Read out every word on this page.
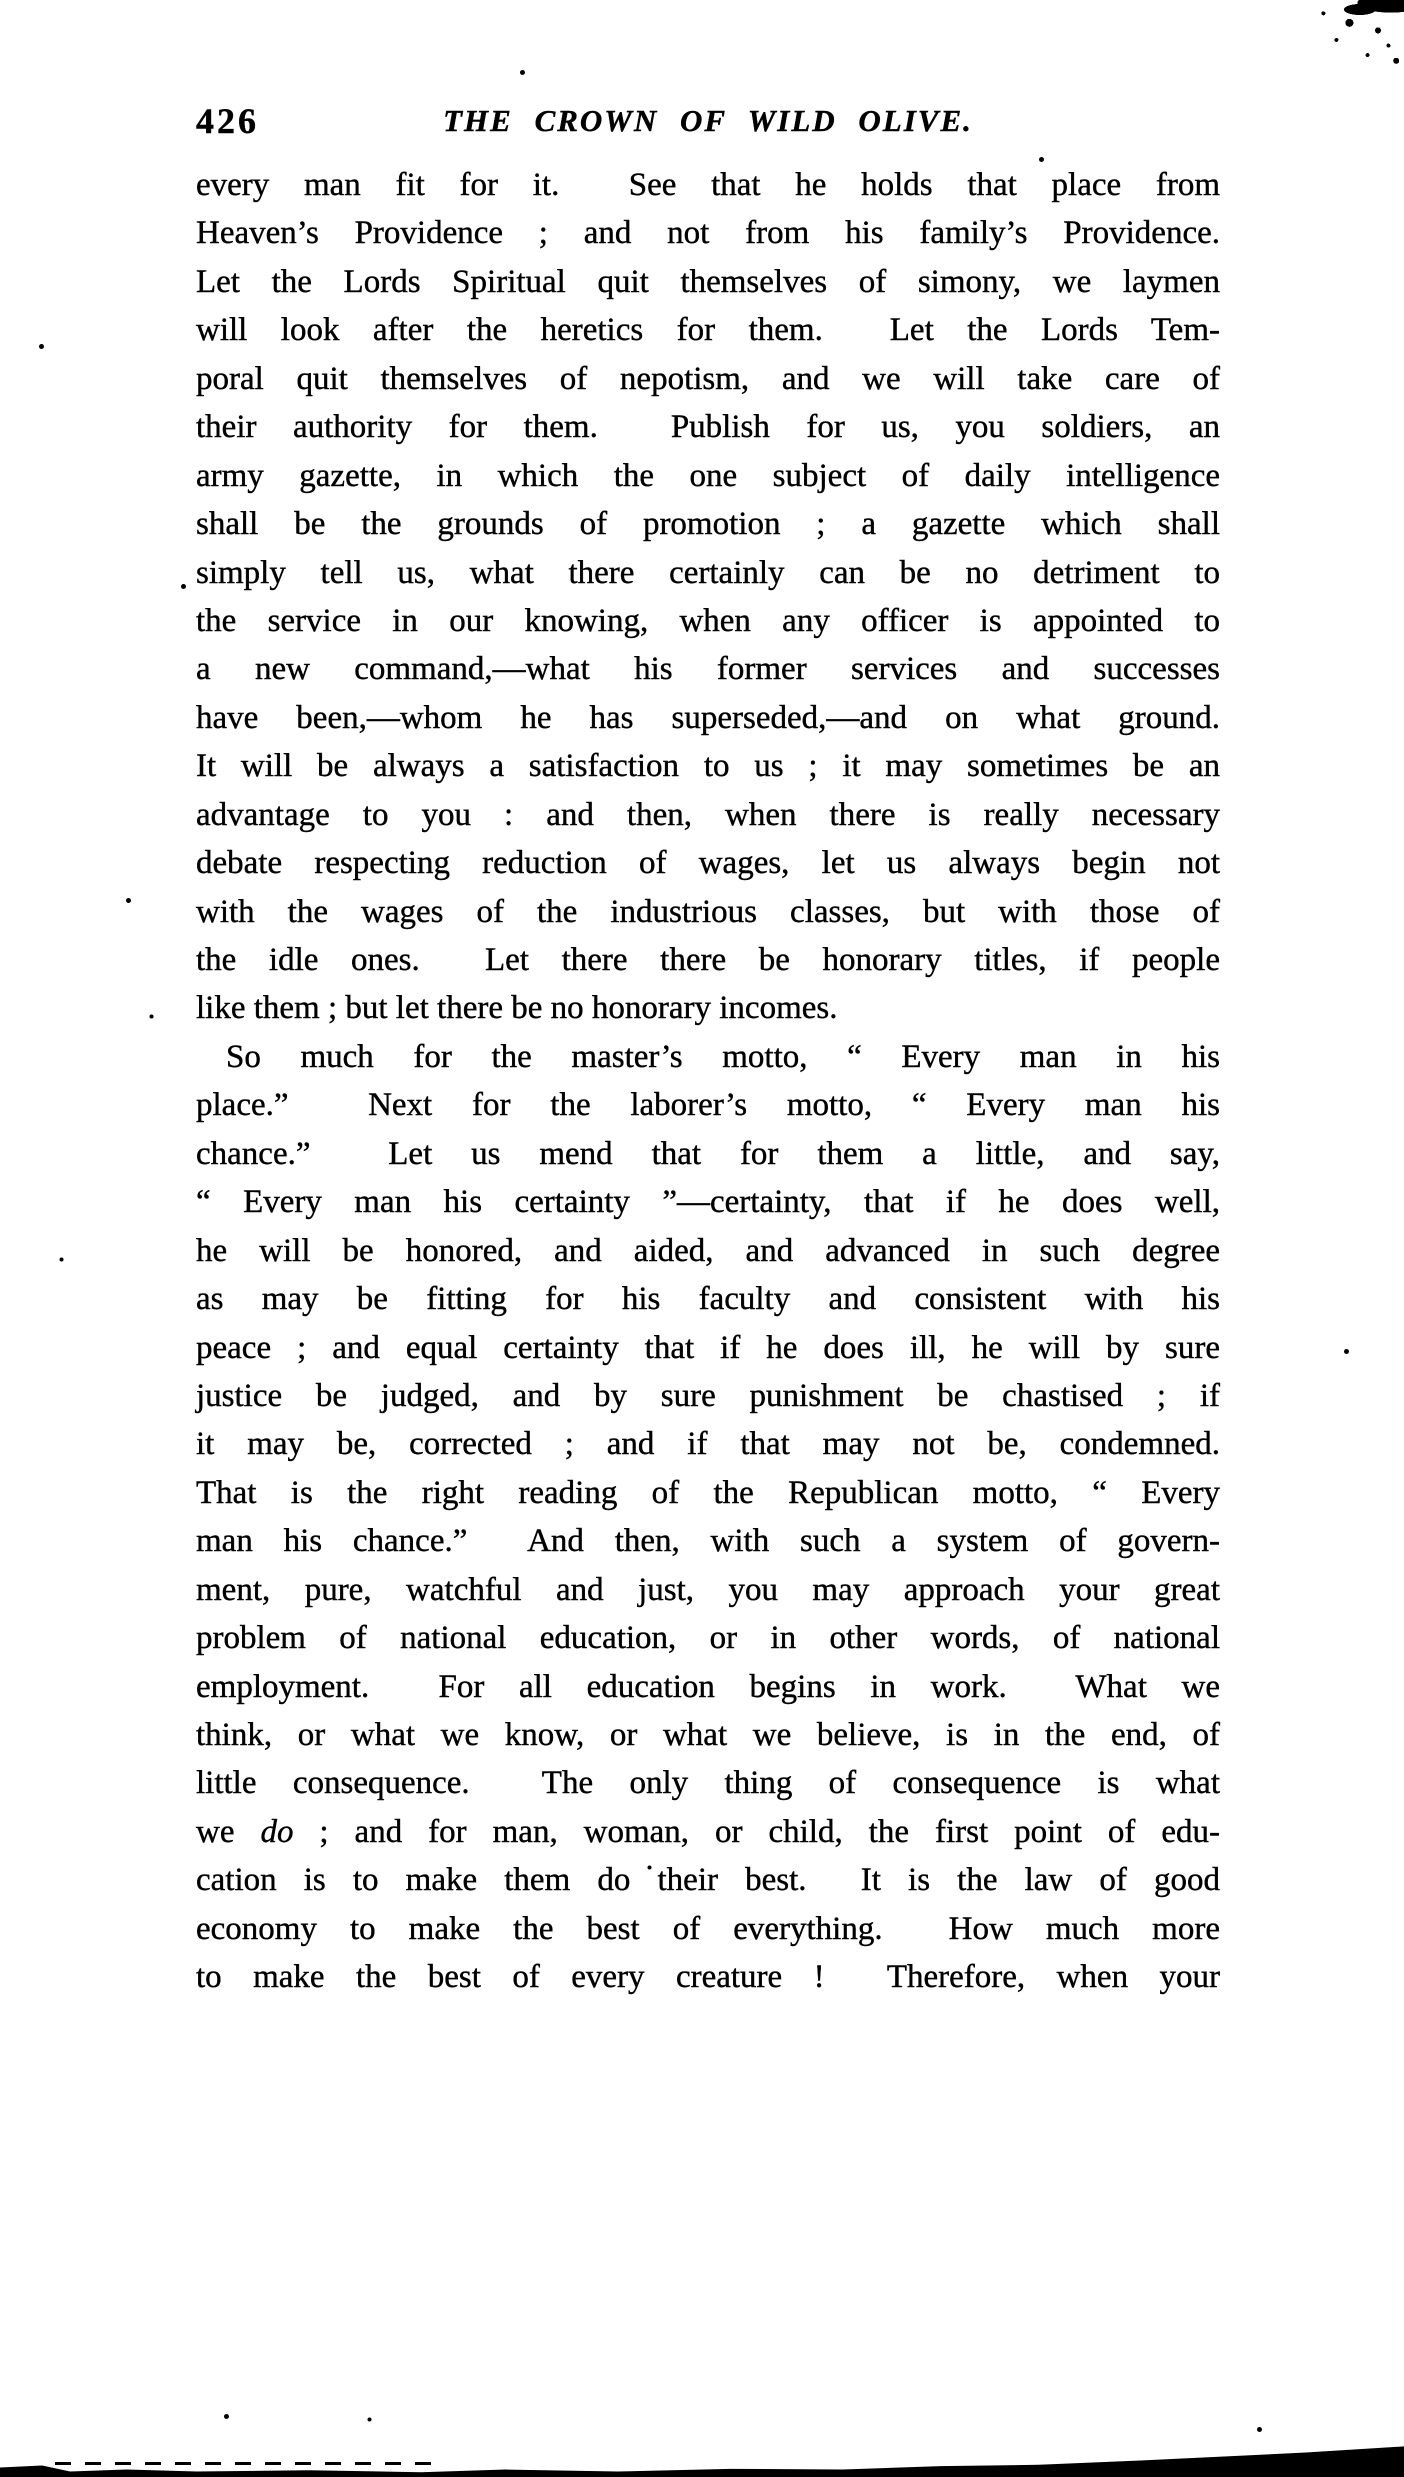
426	THE CROWN OF WILD OLIVE.
every man fit for it.  See that he holds that place from
Heaven’s Providence ; and not from his family’s Providence.
Let the Lords Spiritual quit themselves of simony, we laymen
will look after the heretics for them.  Let the Lords Tem-
poral quit themselves of nepotism, and we will take care of
their authority for them.  Publish for us, you soldiers, an
army gazette, in which the one subject of daily intelligence
shall be the grounds of promotion ; a gazette which shall
simply tell us, what there certainly can be no detriment to
the service in our knowing, when any officer is appointed to
a new command,—what his former services and successes
have been,—whom he has superseded,—and on what ground.
It will be always a satisfaction to us ; it may sometimes be an
advantage to you : and then, when there is really necessary
debate respecting reduction of wages, let us always begin not
with the wages of the industrious classes, but with those of
the idle ones.  Let there there be honorary titles, if people
like them ; but let there be no honorary incomes.
So much for the master’s motto, “ Every man in his
place.”  Next for the laborer’s motto, “ Every man his
chance.”  Let us mend that for them a little, and say,
“ Every man his certainty ”—certainty, that if he does well,
he will be honored, and aided, and advanced in such degree
as may be fitting for his faculty and consistent with his
peace ; and equal certainty that if he does ill, he will by sure
justice be judged, and by sure punishment be chastised ; if
it may be, corrected ; and if that may not be, condemned.
That is the right reading of the Republican motto, “ Every
man his chance.”  And then, with such a system of govern-
ment, pure, watchful and just, you may approach your great
problem of national education, or in other words, of national
employment.  For all education begins in work.  What we
think, or what we know, or what we believe, is in the end, of
little consequence.  The only thing of consequence is what
we do ; and for man, woman, or child, the first point of edu-
cation is to make them do their best.  It is the law of good
economy to make the best of everything.  How much more
to make the best of every creature !  Therefore, when your
